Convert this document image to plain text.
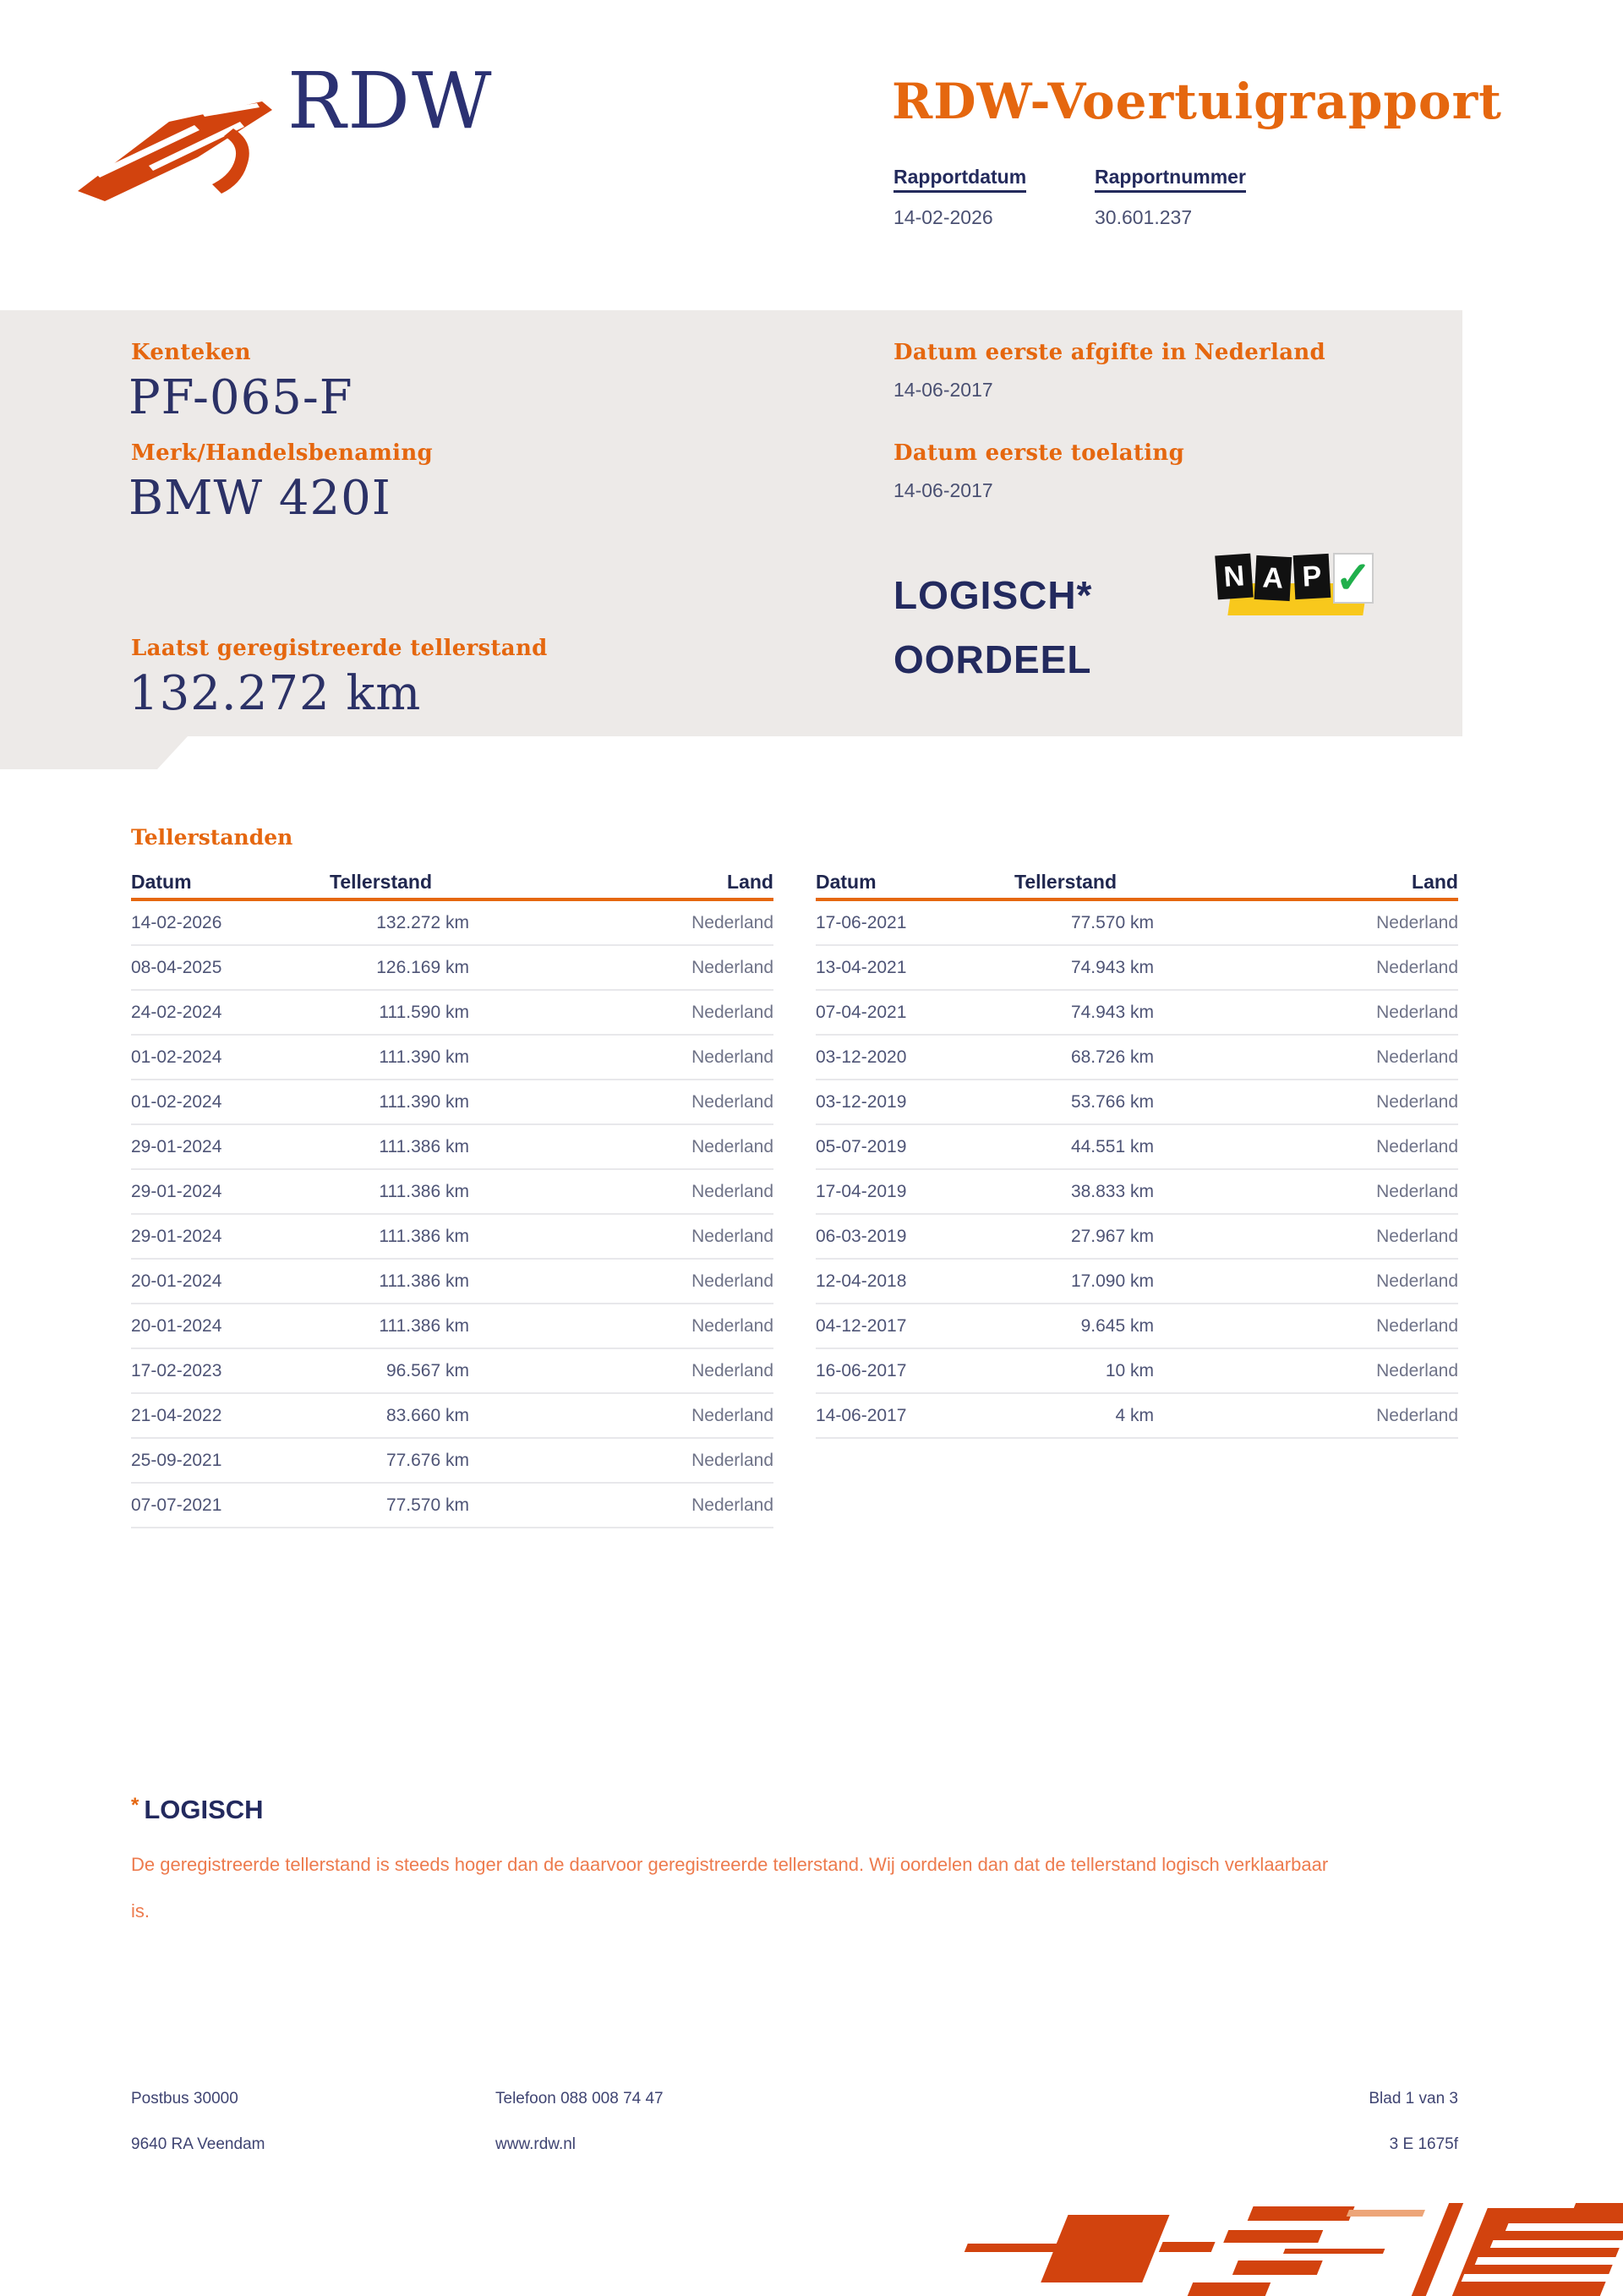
RDW	RDW-Voertuigrapport
Rapportdatum	Rapportnummer
14-02-2026	30.601.237
Kenteken
PF-065-F
Merk/Handelsbenaming
BMW 420I
Laatst geregistreerde tellerstand
132.272 km
Datum eerste afgifte in Nederland
14-06-2017
Datum eerste toelating
14-06-2017
LOGISCH*
OORDEEL
N A P ✓
Tellerstanden
Datum	Tellerstand	Land
14-02-2026	132.272 km	Nederland
08-04-2025	126.169 km	Nederland
24-02-2024	111.590 km	Nederland
01-02-2024	111.390 km	Nederland
01-02-2024	111.390 km	Nederland
29-01-2024	111.386 km	Nederland
29-01-2024	111.386 km	Nederland
29-01-2024	111.386 km	Nederland
20-01-2024	111.386 km	Nederland
20-01-2024	111.386 km	Nederland
17-02-2023	96.567 km	Nederland
21-04-2022	83.660 km	Nederland
25-09-2021	77.676 km	Nederland
07-07-2021	77.570 km	Nederland
Datum	Tellerstand	Land
17-06-2021	77.570 km	Nederland
13-04-2021	74.943 km	Nederland
07-04-2021	74.943 km	Nederland
03-12-2020	68.726 km	Nederland
03-12-2019	53.766 km	Nederland
05-07-2019	44.551 km	Nederland
17-04-2019	38.833 km	Nederland
06-03-2019	27.967 km	Nederland
12-04-2018	17.090 km	Nederland
04-12-2017	9.645 km	Nederland
16-06-2017	10 km	Nederland
14-06-2017	4 km	Nederland
* LOGISCH
De geregistreerde tellerstand is steeds hoger dan de daarvoor geregistreerde tellerstand. Wij oordelen dan dat de tellerstand logisch verklaarbaar is.
Postbus 30000
9640 RA Veendam
Telefoon 088 008 74 47
www.rdw.nl
Blad 1 van 3
3 E 1675f
